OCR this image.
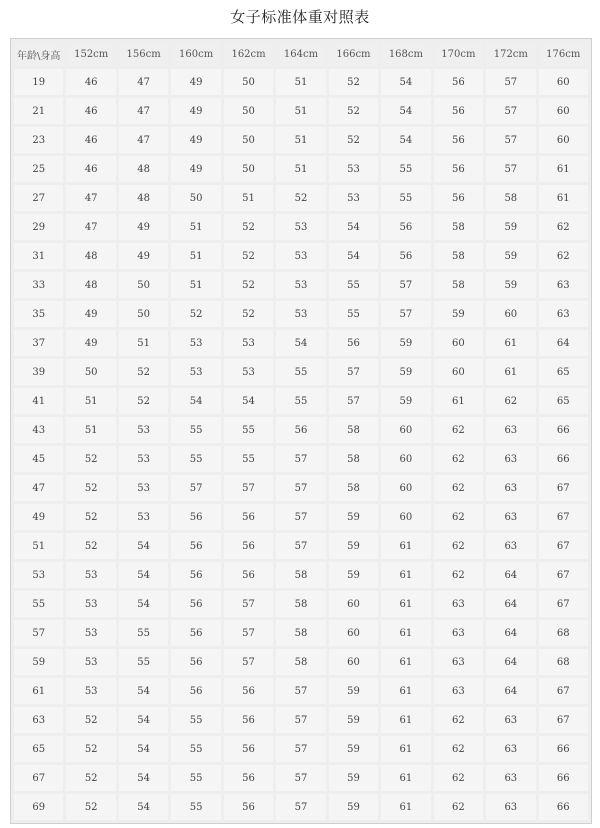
女子标准体重对照表
年龄\身高	152cm	156cm	160cm	162cm	164cm	166cm	168cm	170cm	172cm	176cm
19	46	47	49	50	51	52	54	56	57	60
21	46	47	49	50	51	52	54	56	57	60
23	46	47	49	50	51	52	54	56	57	60
25	46	48	49	50	51	53	55	56	57	61
27	47	48	50	51	52	53	55	56	58	61
29	47	49	51	52	53	54	56	58	59	62
31	48	49	51	52	53	54	56	58	59	62
33	48	50	51	52	53	55	57	58	59	63
35	49	50	52	52	53	55	57	59	60	63
37	49	51	53	53	54	56	59	60	61	64
39	50	52	53	53	55	57	59	60	61	65
41	51	52	54	54	55	57	59	61	62	65
43	51	53	55	55	56	58	60	62	63	66
45	52	53	55	55	57	58	60	62	63	66
47	52	53	57	57	57	58	60	62	63	67
49	52	53	56	56	57	59	60	62	63	67
51	52	54	56	56	57	59	61	62	63	67
53	53	54	56	56	58	59	61	62	64	67
55	53	54	56	57	58	60	61	63	64	67
57	53	55	56	57	58	60	61	63	64	68
59	53	55	56	57	58	60	61	63	64	68
61	53	54	56	56	57	59	61	63	64	67
63	52	54	55	56	57	59	61	62	63	67
65	52	54	55	56	57	59	61	62	63	66
67	52	54	55	56	57	59	61	62	63	66
69	52	54	55	56	57	59	61	62	63	66
